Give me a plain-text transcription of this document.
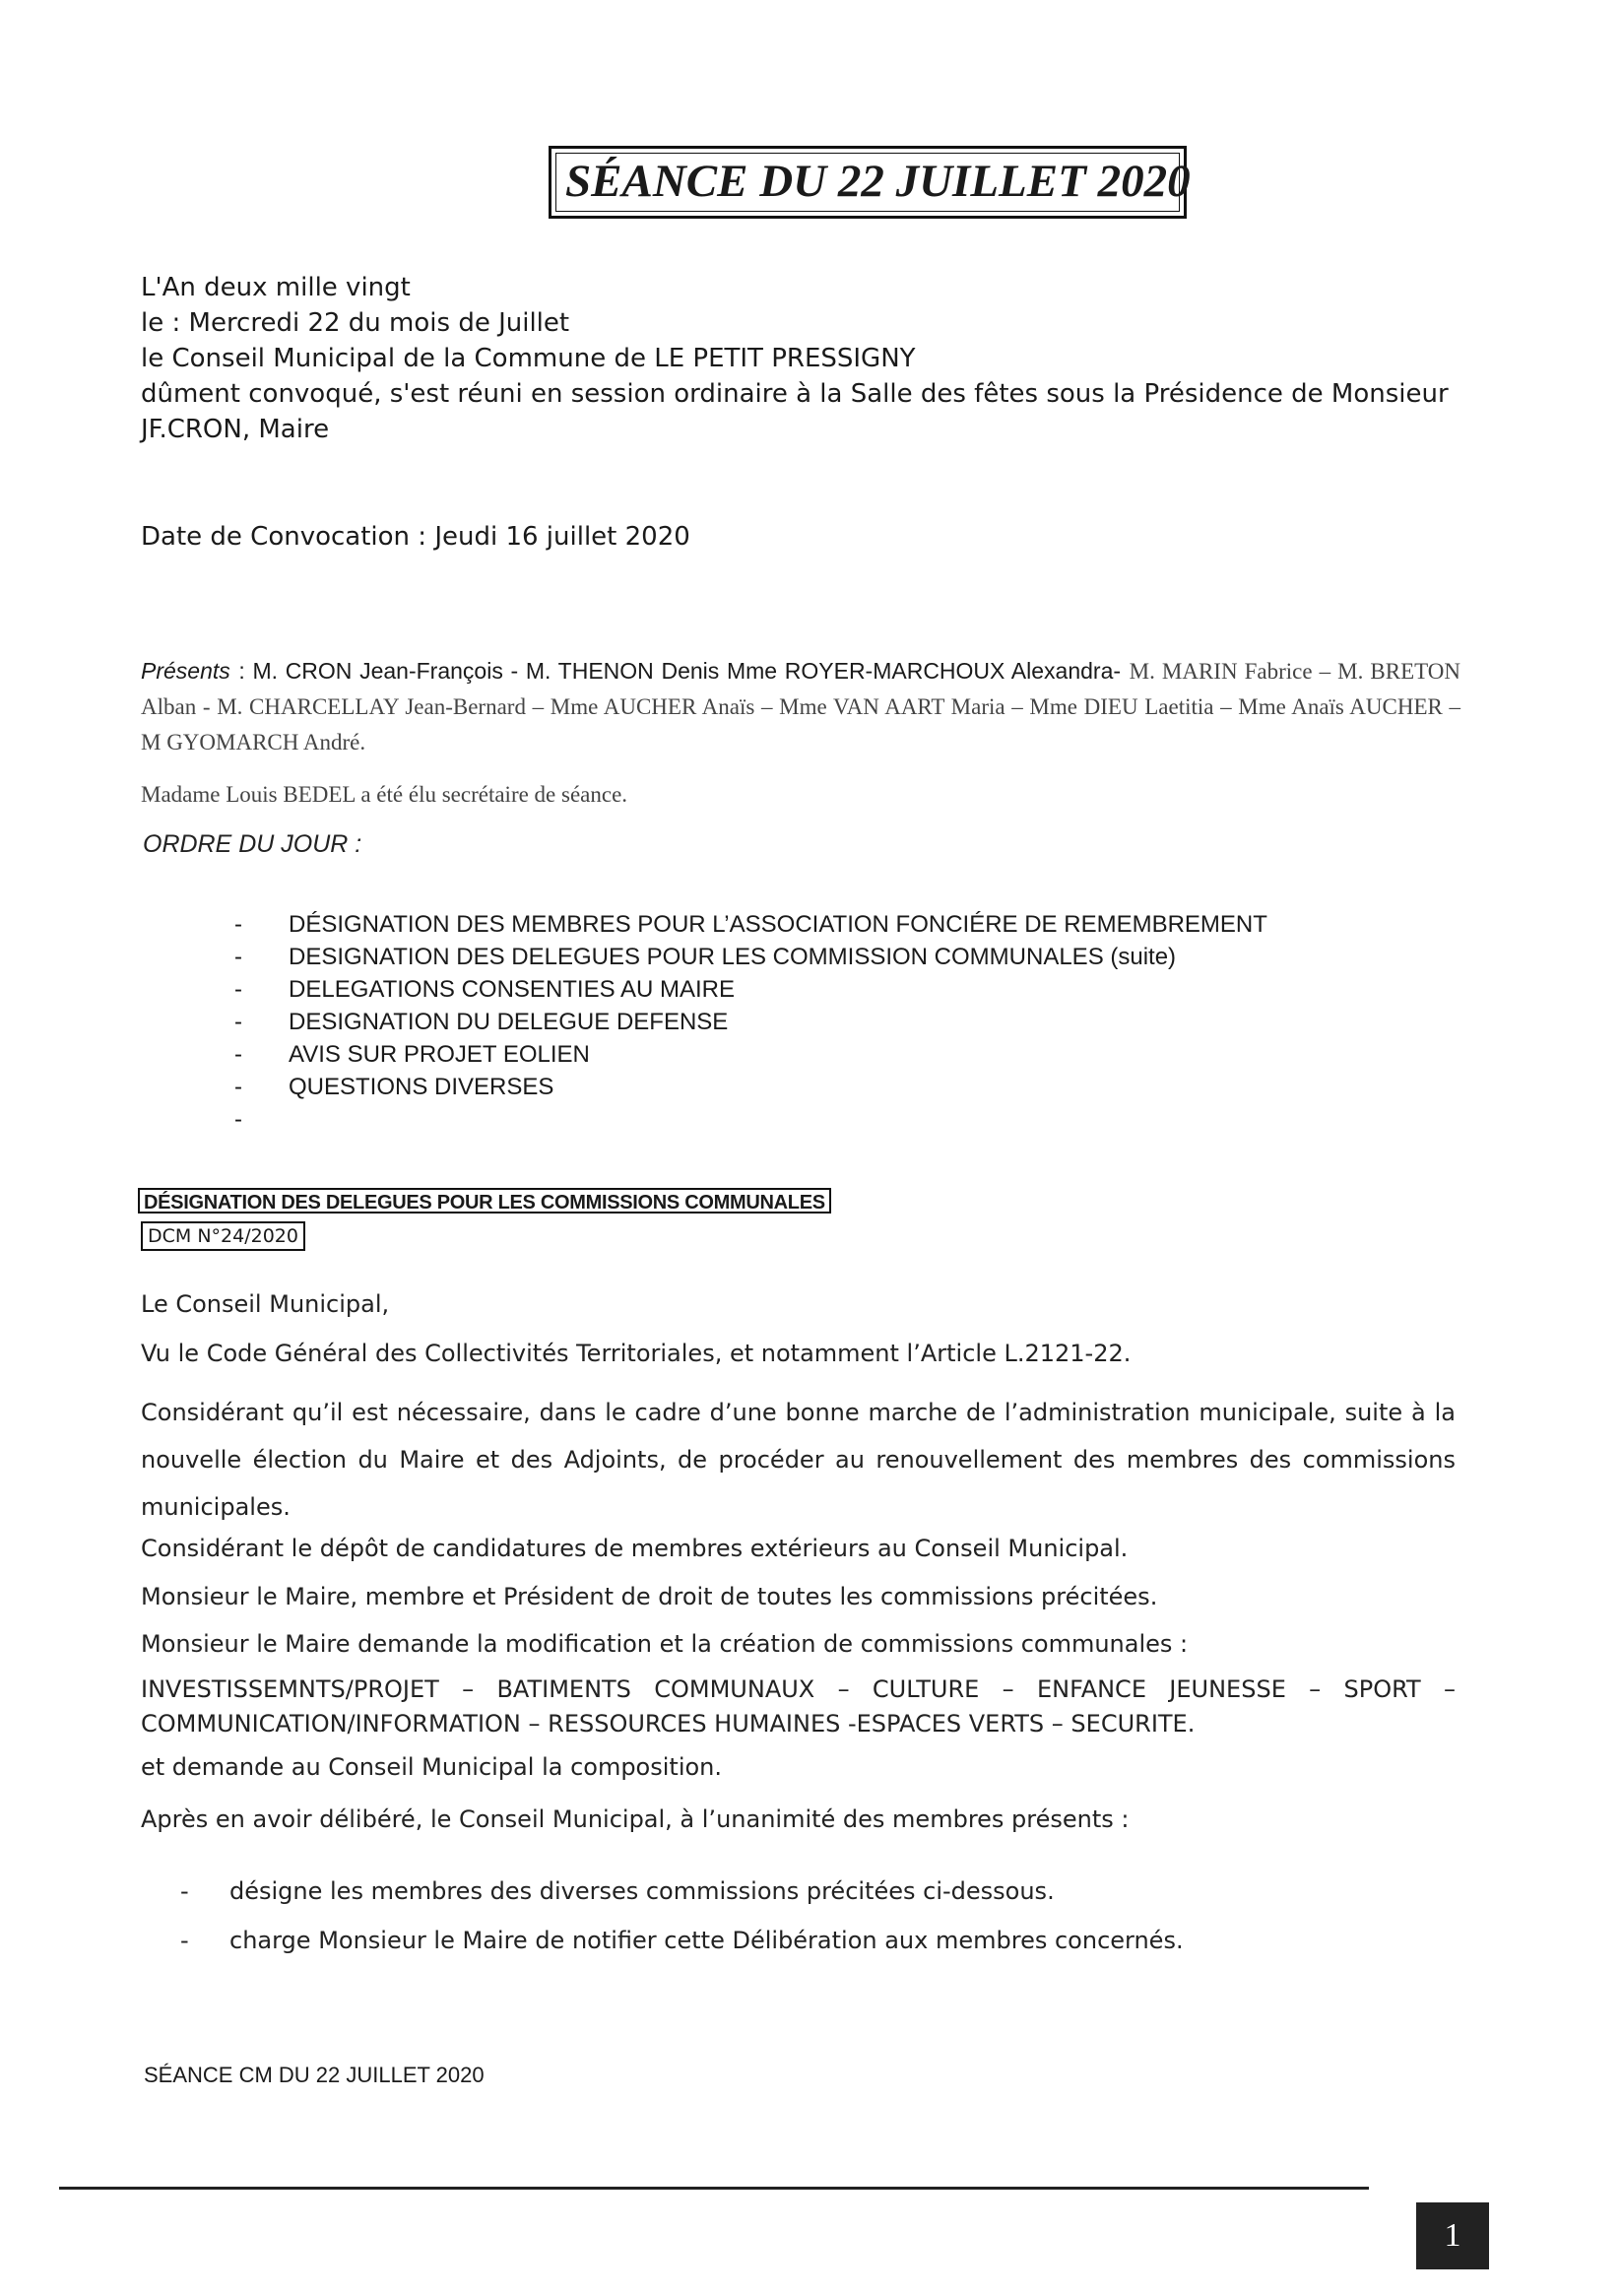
SÉANCE DU 22 JUILLET 2020
L'An deux mille vingt
le : Mercredi 22 du mois de Juillet
le Conseil Municipal de la Commune de LE PETIT PRESSIGNY
dûment convoqué, s'est réuni en session ordinaire à la Salle des fêtes sous la Présidence de Monsieur
JF.CRON, Maire
Date de Convocation : Jeudi 16 juillet 2020
Présents : M. CRON Jean-François - M. THENON Denis Mme ROYER-MARCHOUX Alexandra- M. MARIN Fabrice – M. BRETON Alban - M. CHARCELLAY Jean-Bernard – Mme AUCHER Anaïs – Mme VAN AART Maria – Mme DIEU Laetitia – Mme Anaïs AUCHER – M GYOMARCH André.
Madame Louis BEDEL a été élu secrétaire de séance.
ORDRE DU JOUR :
-	DÉSIGNATION DES MEMBRES POUR L’ASSOCIATION FONCIÉRE DE REMEMBREMENT
-	DESIGNATION DES DELEGUES POUR LES COMMISSION COMMUNALES (suite)
-	DELEGATIONS CONSENTIES AU MAIRE
-	DESIGNATION DU DELEGUE DEFENSE
-	AVIS SUR PROJET EOLIEN
-	QUESTIONS DIVERSES
-
DÉSIGNATION DES DELEGUES POUR LES COMMISSIONS COMMUNALES
DCM N°24/2020
Le Conseil Municipal,
Vu le Code Général des Collectivités Territoriales, et notamment l’Article L.2121-22.
Considérant qu’il est nécessaire, dans le cadre d’une bonne marche de l’administration municipale, suite à la nouvelle élection du Maire et des Adjoints, de procéder au renouvellement des membres des commissions municipales.
Considérant le dépôt de candidatures de membres extérieurs au Conseil Municipal.
Monsieur le Maire, membre et Président de droit de toutes les commissions précitées.
Monsieur le Maire demande la modification et la création de commissions communales :
INVESTISSEMNTS/PROJET – BATIMENTS COMMUNAUX – CULTURE – ENFANCE JEUNESSE – SPORT –
COMMUNICATION/INFORMATION – RESSOURCES HUMAINES -ESPACES VERTS – SECURITE.
et demande au Conseil Municipal la composition.
Après en avoir délibéré, le Conseil Municipal, à l’unanimité des membres présents :
-	désigne les membres des diverses commissions précitées ci-dessous.
-	charge Monsieur le Maire de notifier cette Délibération aux membres concernés.
SÉANCE CM DU 22 JUILLET 2020
1
